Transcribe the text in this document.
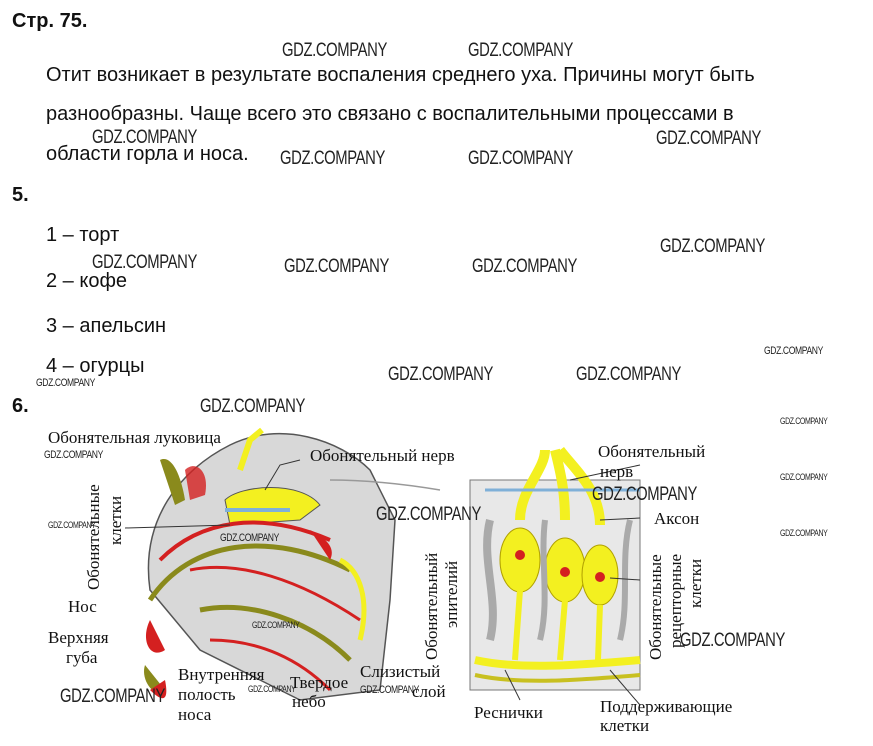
Стр. 75.
Отит возникает в результате воспаления среднего уха. Причины могут быть
разнообразны. Чаще всего это связано с воспалительными процессами в
области горла и носа.
5.
1 – торт
2 – кофе
3 – апельсин
4 – огурцы
6.
Обонятельная луковица
Обонятельный нерв
Обонятельные клетки
Нос
Верхняя
губа
Внутренняя
полость
носа
Твердое
небо
Слизистый
слой
Обонятельный эпителий
Реснички
Обонятельный
нерв
Аксон
Обонятельные рецепторные клетки
Поддерживающие
клетки
GDZ.COMPANY	GDZ.COMPANY
GDZ.COMPANY	GDZ.COMPANY
GDZ.COMPANY	GDZ.COMPANY
GDZ.COMPANY
GDZ.COMPANY	GDZ.COMPANY	GDZ.COMPANY
GDZ.COMPANY
GDZ.COMPANY	GDZ.COMPANY
GDZ.COMPANY
GDZ.COMPANY
GDZ.COMPANY
GDZ.COMPANY
GDZ.COMPANY
GDZ.COMPANY
GDZ.COMPANY
GDZ.COMPANY
GDZ.COMPANY
GDZ.COMPANY
GDZ.COMPANY
GDZ.COMPANY
GDZ.COMPANY	GDZ.COMPANY
GDZ.COMPANY
